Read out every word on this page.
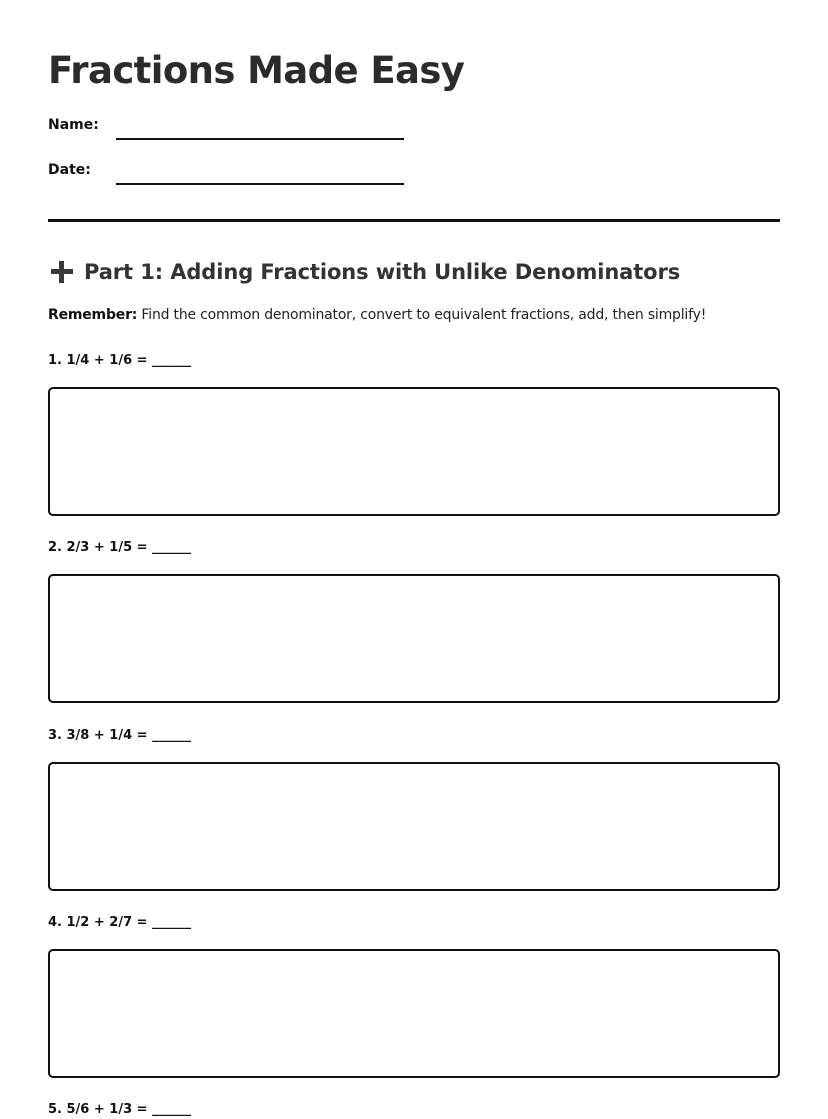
Fractions Made Easy
Name:
Date:
Part 1: Adding Fractions with Unlike Denominators
Remember: Find the common denominator, convert to equivalent fractions, add, then simplify!
1. 1/4 + 1/6 = ______
2. 2/3 + 1/5 = ______
3. 3/8 + 1/4 = ______
4. 1/2 + 2/7 = ______
5. 5/6 + 1/3 = ______
